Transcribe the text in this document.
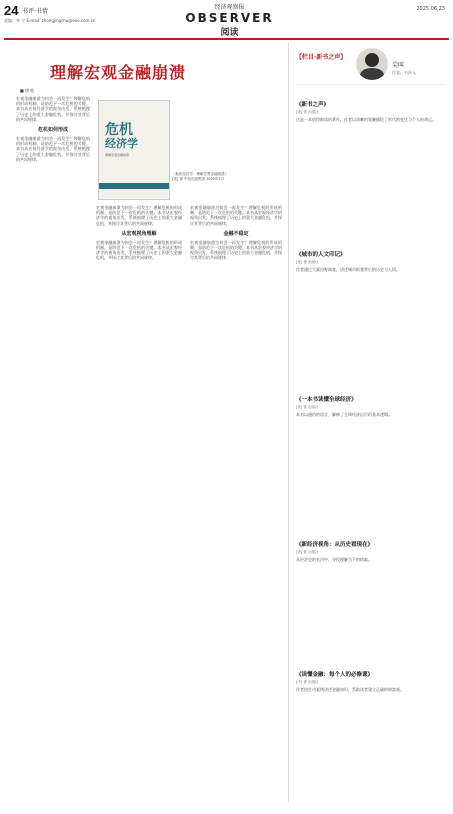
24 书评·书情
责编：李 宁 E-mail: zhongjingshu@eeo.com.cn
经济观察报
OBSERVER
阅读
2025.06.23
理解宏观金融崩溃
■ 徐 乾
宏观金融崩溃为何会一再发生？理解危机的形成机制，是防范下一次危机的关键。本书从宏观经济学的视角出发，系统梳理了历史上的重大金融危机，并探讨其背后的共同规律。
危机如何形成
宏观金融崩溃为何会一再发生？理解危机的形成机制，是防范下一次危机的关键。本书从宏观经济学的视角出发，系统梳理了历史上的重大金融危机，并探讨其背后的共同规律。
危机
经济学
理解宏观金融崩溃
《危机经济学：理解宏观金融崩溃》 [美] 著 中信出版集团 2025年7月
宏观金融崩溃为何会一再发生？理解危机的形成机制，是防范下一次危机的关键。本书从宏观经济学的视角出发，系统梳理了历史上的重大金融危机，并探讨其背后的共同规律。
从宏观视角理解
宏观金融崩溃为何会一再发生？理解危机的形成机制，是防范下一次危机的关键。本书从宏观经济学的视角出发，系统梳理了历史上的重大金融危机，并探讨其背后的共同规律。
宏观金融崩溃为何会一再发生？理解危机的形成机制，是防范下一次危机的关键。本书从宏观经济学的视角出发，系统梳理了历史上的重大金融危机，并探讨其背后的共同规律。
金融不稳定
宏观金融崩溃为何会一再发生？理解危机的形成机制，是防范下一次危机的关键。本书从宏观经济学的视角出发，系统梳理了历史上的重大金融危机，并探讨其背后的共同规律。
【栏目·新书之声】
尖叫
作家、书评人
《新书之声》
[美] 著 出版社
这是一本值得细读的著作，作者以清晰的笔触描绘了时代的变迁与个人的命运。
《城市的人文印记》
[美] 著 出版社
作者通过大量田野调查，讲述城市街巷背后的历史与人情。
《一本书读懂全球经济》
[英] 著 出版社
本书以通俗的语言，解释了全球经济运行的基本逻辑。
《新经济视角：从历史看现在》
[美] 著 出版社
从经济史的长河中，寻找理解当下的线索。
《读懂金融：每个人的必修课》
[中] 著 出版社
作者用生动案例讲述金融知识，帮助读者建立正确的财富观。
